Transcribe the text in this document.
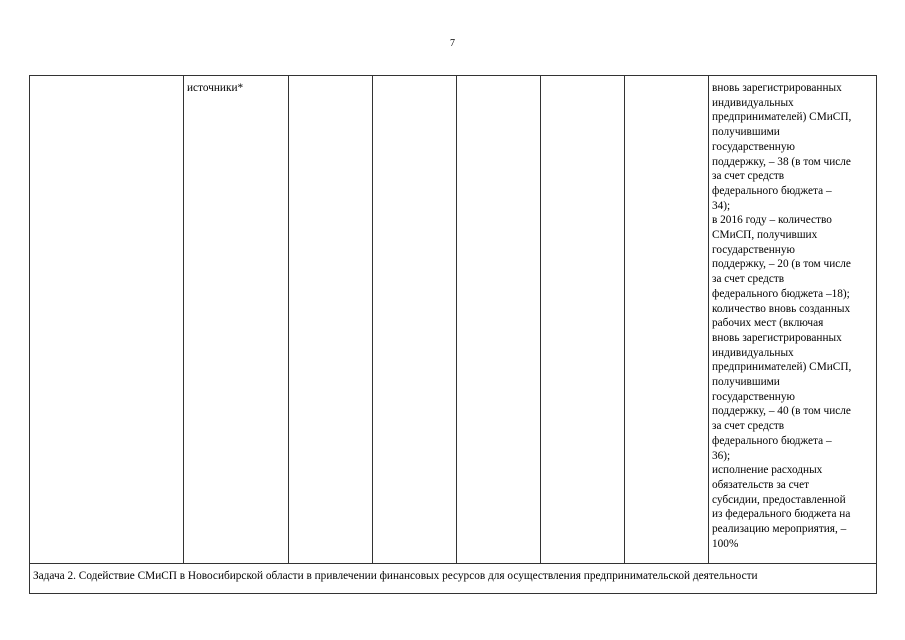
7
	источники*						вновь зарегистрированных
индивидуальных
предпринимателей) СМиСП,
получившими
государственную
поддержку, – 38 (в том числе
за счет средств
федерального бюджета –
34);
в 2016 году – количество
СМиСП, получивших
государственную
поддержку, – 20 (в том числе
за счет средств
федерального бюджета –18);
количество вновь созданных
рабочих мест (включая
вновь зарегистрированных
индивидуальных
предпринимателей) СМиСП,
получившими
государственную
поддержку, – 40 (в том числе
за счет средств
федерального бюджета –
36);
исполнение расходных
обязательств за счет
субсидии, предоставленной
из федерального бюджета на
реализацию мероприятия, –
100%
Задача 2. Содействие СМиСП в Новосибирской области в привлечении финансовых ресурсов для осуществления предпринимательской деятельности
